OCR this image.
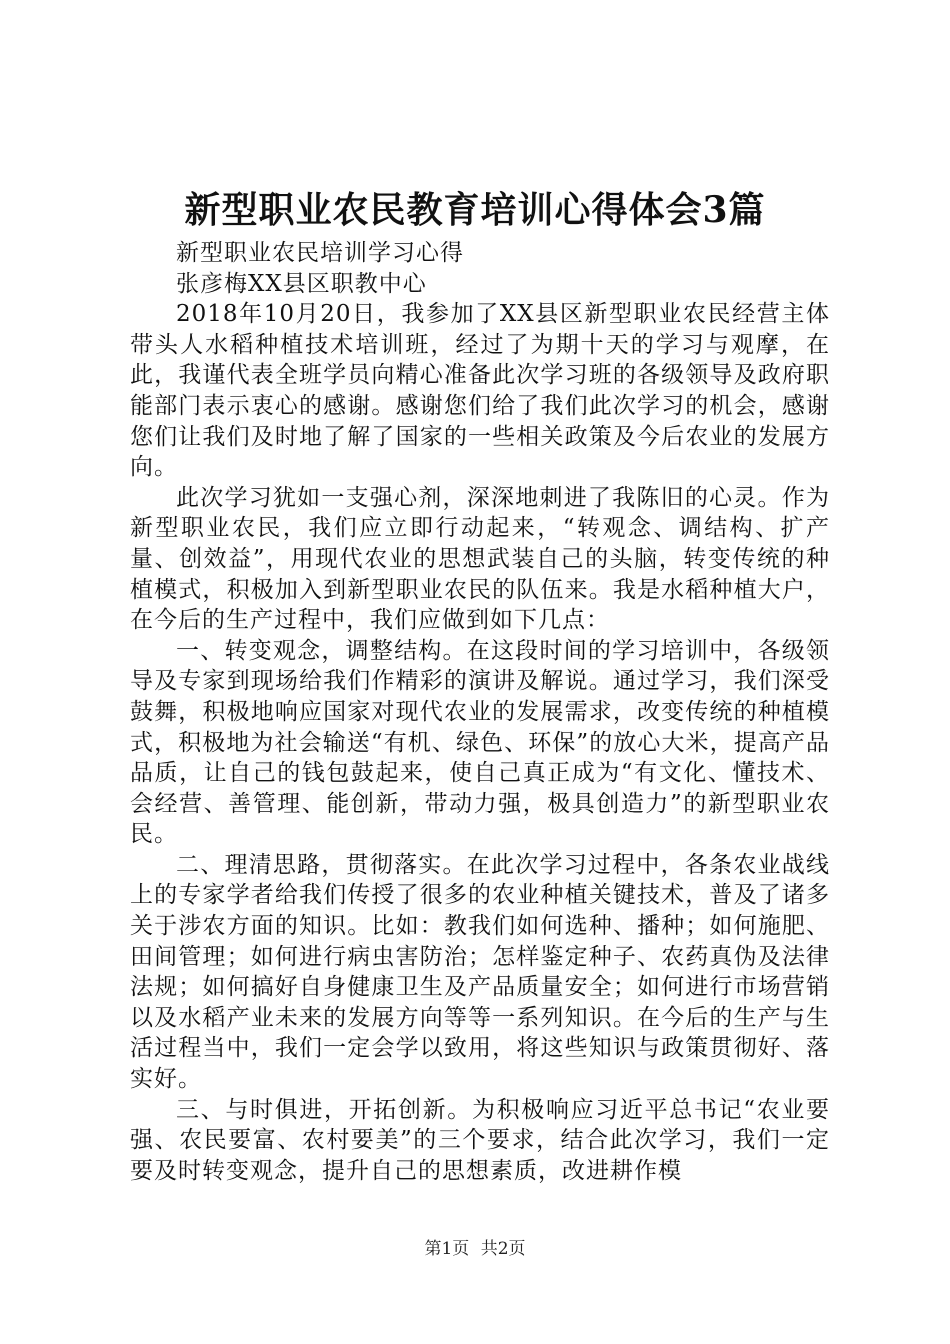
新型职业农民教育培训心得体会3篇

新型职业农民培训学习心得

张彦梅XX县区职教中心

2018年10月20日，我参加了XX县区新型职业农民经营主体带头人水稻种植技术培训班，经过了为期十天的学习与观摩，在此，我谨代表全班学员向精心准备此次学习班的各级领导及政府职能部门表示衷心的感谢。感谢您们给了我们此次学习的机会，感谢您们让我们及时地了解了国家的一些相关政策及今后农业的发展方向。

此次学习犹如一支强心剂，深深地刺进了我陈旧的心灵。作为新型职业农民，我们应立即行动起来，“转观念、调结构、扩产量、创效益”，用现代农业的思想武装自己的头脑，转变传统的种植模式，积极加入到新型职业农民的队伍来。我是水稻种植大户，在今后的生产过程中，我们应做到如下几点：

一、转变观念，调整结构。在这段时间的学习培训中，各级领导及专家到现场给我们作精彩的演讲及解说。通过学习，我们深受鼓舞，积极地响应国家对现代农业的发展需求，改变传统的种植模式，积极地为社会输送“有机、绿色、环保”的放心大米，提高产品品质，让自己的钱包鼓起来，使自己真正成为“有文化、懂技术、会经营、善管理、能创新，带动力强，极具创造力”的新型职业农民。

二、理清思路，贯彻落实。在此次学习过程中，各条农业战线上的专家学者给我们传授了很多的农业种植关键技术，普及了诸多关于涉农方面的知识。比如：教我们如何选种、播种；如何施肥、田间管理；如何进行病虫害防治；怎样鉴定种子、农药真伪及法律法规；如何搞好自身健康卫生及产品质量安全；如何进行市场营销以及水稻产业未来的发展方向等等一系列知识。在今后的生产与生活过程当中，我们一定会学以致用，将这些知识与政策贯彻好、落实好。

三、与时俱进，开拓创新。为积极响应习近平总书记“农业要强、农民要富、农村要美”的三个要求，结合此次学习，我们一定要及时转变观念，提升自己的思想素质，改进耕作模

第1页 共2页
